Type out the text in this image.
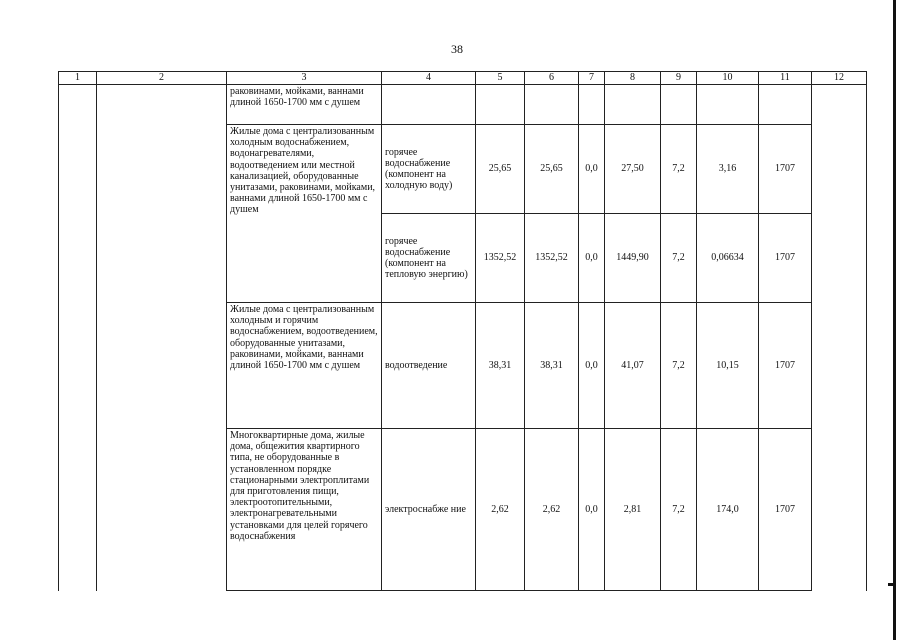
38
1	2	3	4	5	6	7	8	9	10	11	12
		раковинами, мойками, ваннами длиной 1650-1700 мм с душем									
		Жилые дома с централизованным холодным водоснабжением, водонагревателями, водоотведением или местной канализацией, оборудованные унитазами, раковинами, мойками, ваннами длиной 1650-1700 мм с душем	горячее водоснабжение (компонент на холодную воду)	25,65	25,65	0,0	27,50	7,2	3,16	1707	
			горячее водоснабжение (компонент на тепловую энергию)	1352,52	1352,52	0,0	1449,90	7,2	0,06634	1707	
		Жилые дома с централизованным холодным и горячим водоснабжением, водоотведением, оборудованные унитазами, раковинами, мойками, ваннами длиной 1650-1700 мм с душем	водоотведение	38,31	38,31	0,0	41,07	7,2	10,15	1707	
		Многоквартирные дома, жилые дома, общежития квартирного типа, не оборудованные в установленном порядке стационарными электроплитами для приготовления пищи, электроотопительными, электронагревательными установками для целей горячего водоснабжения	электроснабже ние	2,62	2,62	0,0	2,81	7,2	174,0	1707	
